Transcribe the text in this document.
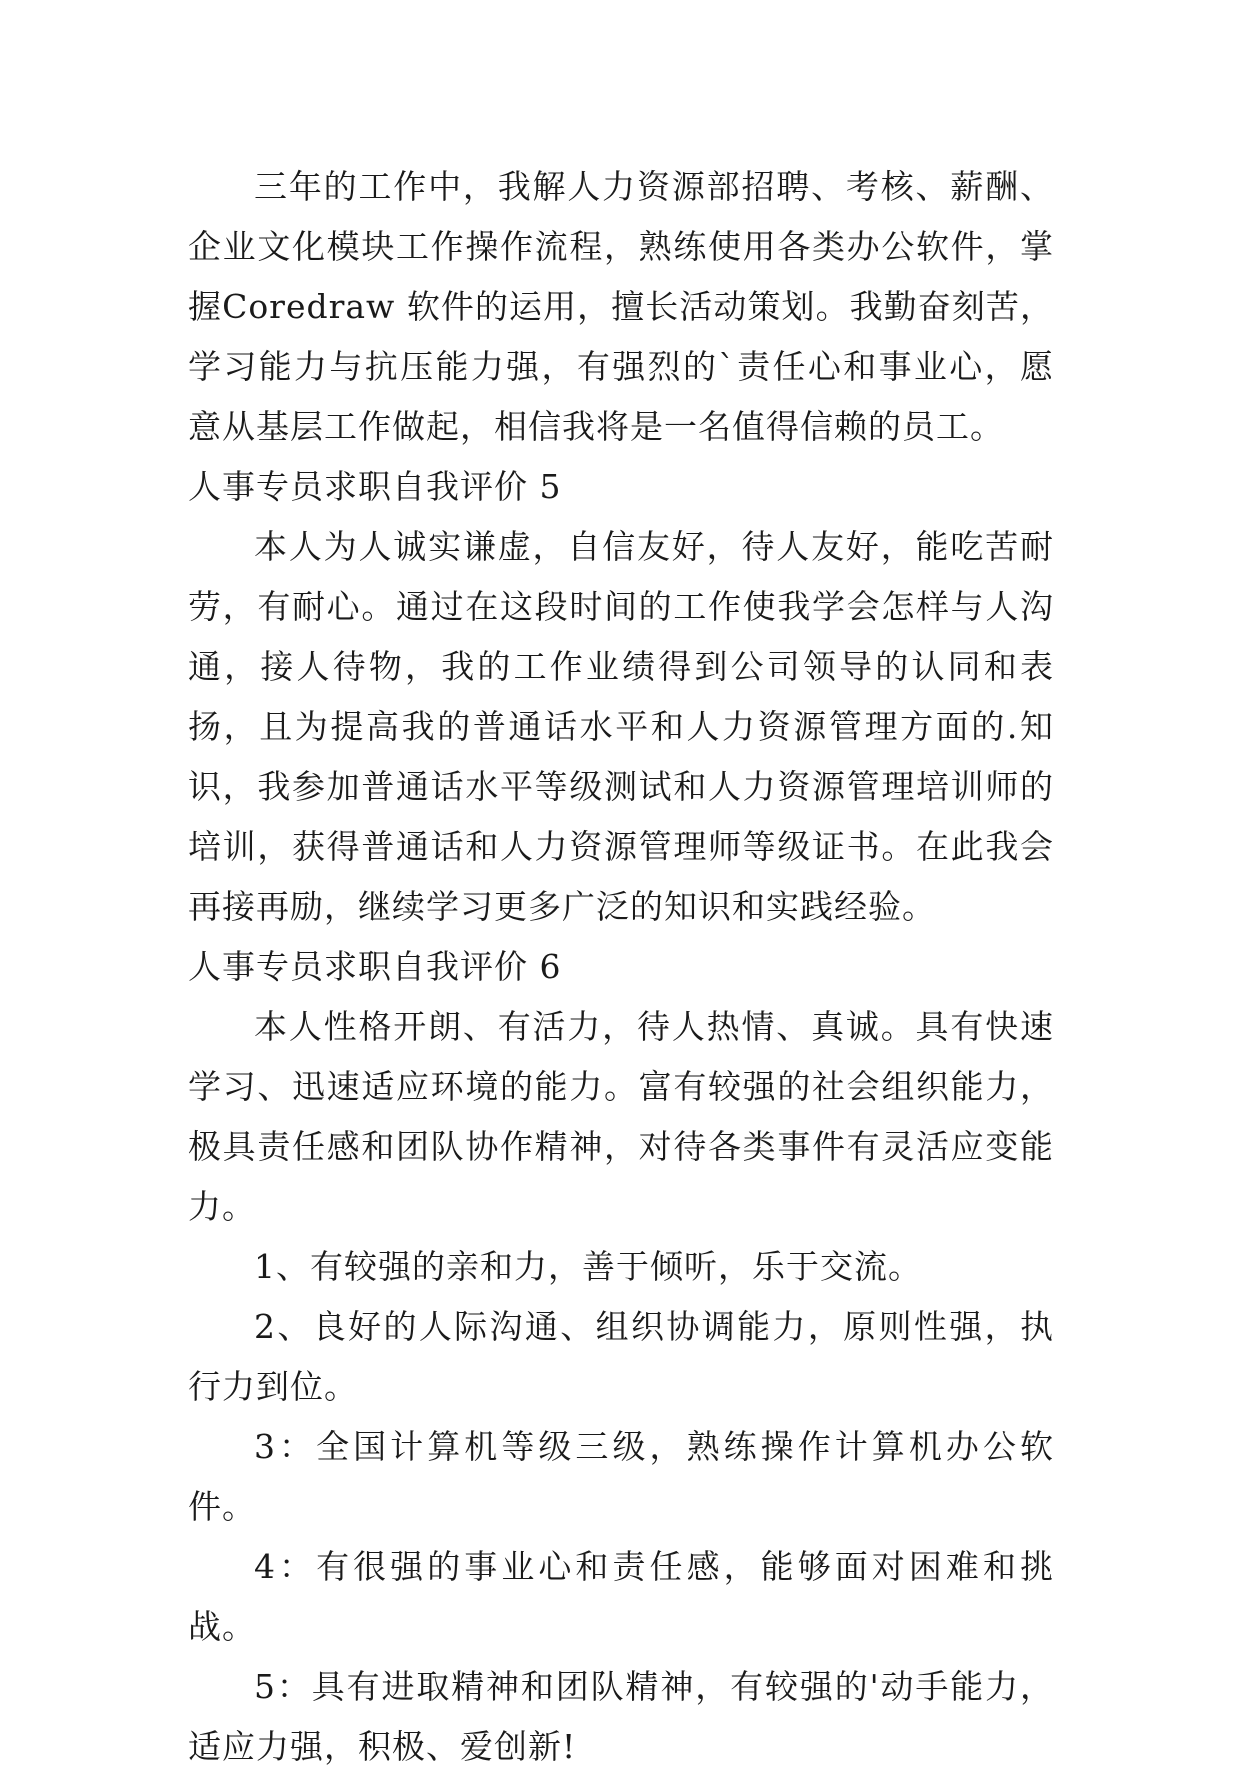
三年的工作中，我解人力资源部招聘、考核、薪酬、企业文化模块工作操作流程，熟练使用各类办公软件，掌握Coredraw 软件的运用，擅长活动策划。我勤奋刻苦，学习能力与抗压能力强，有强烈的`责任心和事业心，愿意从基层工作做起，相信我将是一名值得信赖的员工。

人事专员求职自我评价 5

本人为人诚实谦虚，自信友好，待人友好，能吃苦耐劳，有耐心。通过在这段时间的工作使我学会怎样与人沟通，接人待物，我的工作业绩得到公司领导的认同和表扬，且为提高我的普通话水平和人力资源管理方面的.知识，我参加普通话水平等级测试和人力资源管理培训师的培训，获得普通话和人力资源管理师等级证书。在此我会再接再励，继续学习更多广泛的知识和实践经验。

人事专员求职自我评价 6

本人性格开朗、有活力，待人热情、真诚。具有快速学习、迅速适应环境的能力。富有较强的社会组织能力，极具责任感和团队协作精神，对待各类事件有灵活应变能力。

1、有较强的亲和力，善于倾听，乐于交流。

2、良好的人际沟通、组织协调能力，原则性强，执行力到位。

3：全国计算机等级三级，熟练操作计算机办公软件。

4：有很强的事业心和责任感，能够面对困难和挑战。

5：具有进取精神和团队精神，有较强的'动手能力，适应力强，积极、爱创新!
